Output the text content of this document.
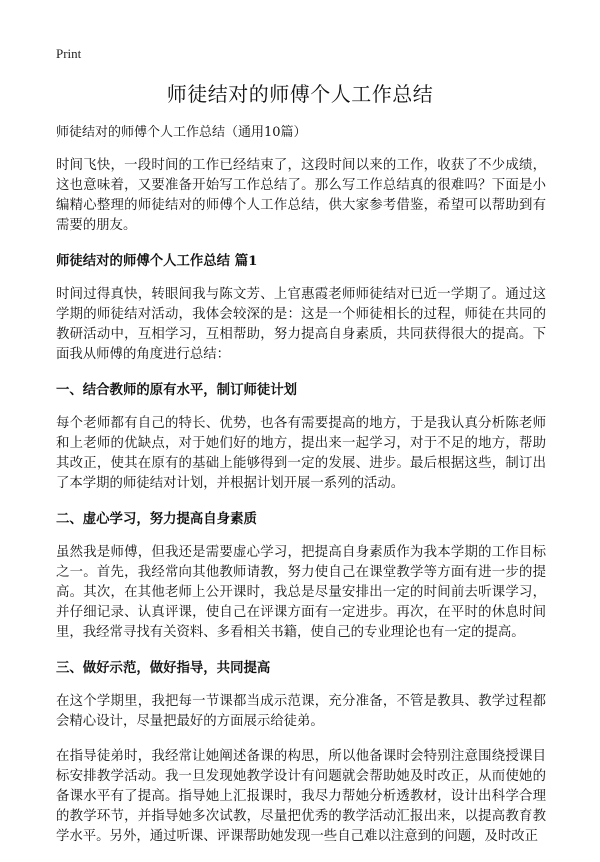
Print
师徒结对的师傅个人工作总结

师徒结对的师傅个人工作总结（通用10篇）

时间飞快，一段时间的工作已经结束了，这段时间以来的工作，收获了不少成绩，这也意味着，又要准备开始写工作总结了。那么写工作总结真的很难吗？下面是小编精心整理的师徒结对的师傅个人工作总结，供大家参考借鉴，希望可以帮助到有需要的朋友。

师徒结对的师傅个人工作总结 篇1

时间过得真快，转眼间我与陈文芳、上官惠霞老师师徒结对已近一学期了。通过这学期的师徒结对活动，我体会较深的是：这是一个师徒相长的过程，师徒在共同的教研活动中，互相学习，互相帮助，努力提高自身素质，共同获得很大的提高。下面我从师傅的角度进行总结：

一、结合教师的原有水平，制订师徒计划

每个老师都有自己的特长、优势，也各有需要提高的地方，于是我认真分析陈老师和上老师的优缺点，对于她们好的地方，提出来一起学习，对于不足的地方，帮助其改正，使其在原有的基础上能够得到一定的发展、进步。最后根据这些，制订出了本学期的师徒结对计划，并根据计划开展一系列的活动。

二、虚心学习，努力提高自身素质

虽然我是师傅，但我还是需要虚心学习，把提高自身素质作为我本学期的工作目标之一。首先，我经常向其他教师请教，努力使自己在课堂教学等方面有进一步的提高。其次，在其他老师上公开课时，我总是尽量安排出一定的时间前去听课学习，并仔细记录、认真评课，使自己在评课方面有一定进步。再次，在平时的休息时间里，我经常寻找有关资料、多看相关书籍，使自己的专业理论也有一定的提高。

三、做好示范，做好指导，共同提高

在这个学期里，我把每一节课都当成示范课，充分准备，不管是教具、教学过程都会精心设计，尽量把最好的方面展示给徒弟。

在指导徒弟时，我经常让她阐述备课的构思，所以他备课时会特别注意围绕授课目标安排教学活动。我一旦发现她教学设计有问题就会帮助她及时改正，从而使她的备课水平有了提高。指导她上汇报课时，我尽力帮她分析透教材，设计出科学合理的教学环节，并指导她多次试教，尽量把优秀的教学活动汇报出来，以提高教育教学水平。另外，通过听课、评课帮助她发现一些自己难以注意到的问题，及时改正
